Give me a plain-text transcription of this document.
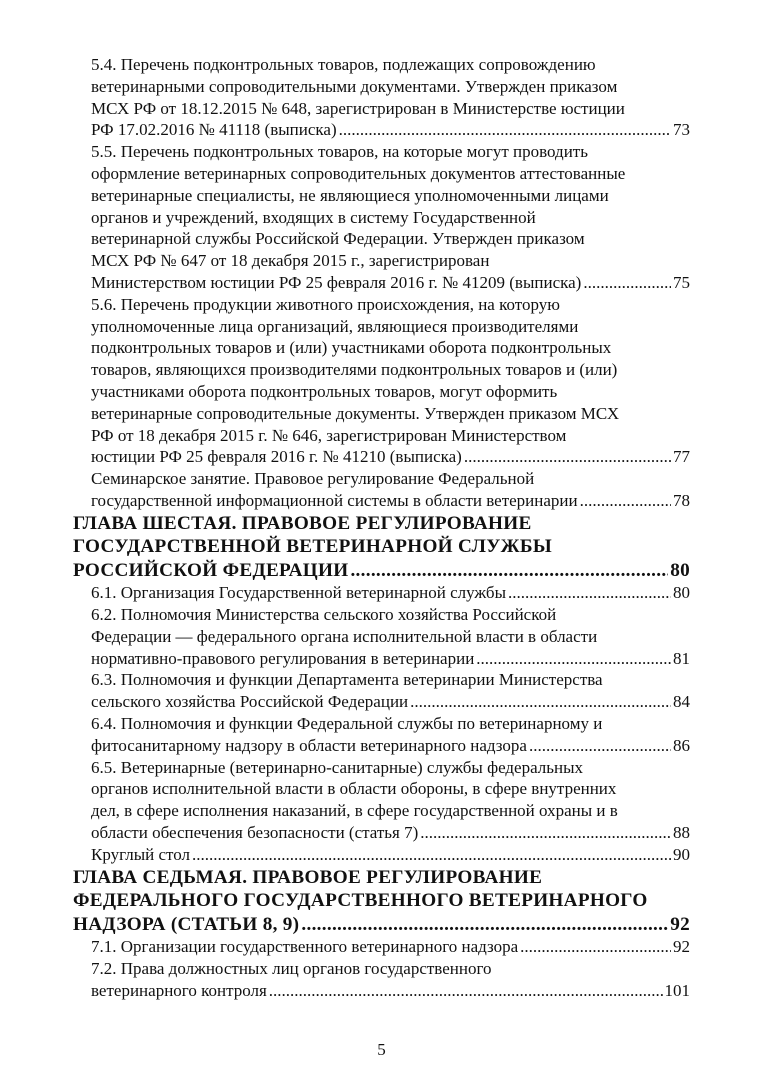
5.4. Перечень подконтрольных товаров, подлежащих сопровождению
ветеринарными сопроводительными документами. Утвержден приказом
МСХ РФ от 18.12.2015 № 648, зарегистрирован в Министерстве юстиции
РФ 17.02.2016 № 41118 (выписка) .....	73
5.5. Перечень подконтрольных товаров, на которые могут проводить
оформление ветеринарных сопроводительных документов аттестованные
ветеринарные специалисты, не являющиеся уполномоченными лицами
органов и учреждений, входящих в систему Государственной
ветеринарной службы Российской Федерации. Утвержден приказом
МСХ РФ № 647 от 18 декабря 2015 г., зарегистрирован
Министерством юстиции РФ 25 февраля 2016 г. № 41209 (выписка) .....	75
5.6. Перечень продукции животного происхождения, на которую
уполномоченные лица организаций, являющиеся производителями
подконтрольных товаров и (или) участниками оборота подконтрольных
товаров, являющихся производителями подконтрольных товаров и (или)
участниками оборота подконтрольных товаров, могут оформить
ветеринарные сопроводительные документы. Утвержден приказом МСХ
РФ от 18 декабря 2015 г. № 646, зарегистрирован Министерством
юстиции РФ 25 февраля 2016 г. № 41210 (выписка) .....	77
Семинарское занятие. Правовое регулирование Федеральной
государственной информационной системы в области ветеринарии .....	78
ГЛАВА ШЕСТАЯ. ПРАВОВОЕ РЕГУЛИРОВАНИЕ
ГОСУДАРСТВЕННОЙ ВЕТЕРИНАРНОЙ СЛУЖБЫ
РОССИЙСКОЙ ФЕДЕРАЦИИ .....	80
6.1. Организация Государственной ветеринарной службы .....	80
6.2. Полномочия Министерства сельского хозяйства Российской
Федерации — федерального органа исполнительной власти в области
нормативно-правового регулирования в ветеринарии .....	81
6.3. Полномочия и функции Департамента ветеринарии Министерства
сельского хозяйства Российской Федерации .....	84
6.4. Полномочия и функции Федеральной службы по ветеринарному и
фитосанитарному надзору в области ветеринарного надзора .....	86
6.5. Ветеринарные (ветеринарно-санитарные) службы федеральных
органов исполнительной власти в области обороны, в сфере внутренних
дел, в сфере исполнения наказаний, в сфере государственной охраны и в
области обеспечения безопасности (статья 7) .....	88
Круглый стол .....	90
ГЛАВА СЕДЬМАЯ. ПРАВОВОЕ РЕГУЛИРОВАНИЕ
ФЕДЕРАЛЬНОГО ГОСУДАРСТВЕННОГО ВЕТЕРИНАРНОГО
НАДЗОРА (СТАТЬИ 8, 9) .....	92
7.1. Организации государственного ветеринарного надзора .....	92
7.2. Права должностных лиц органов государственного
ветеринарного контроля .....	101
5
